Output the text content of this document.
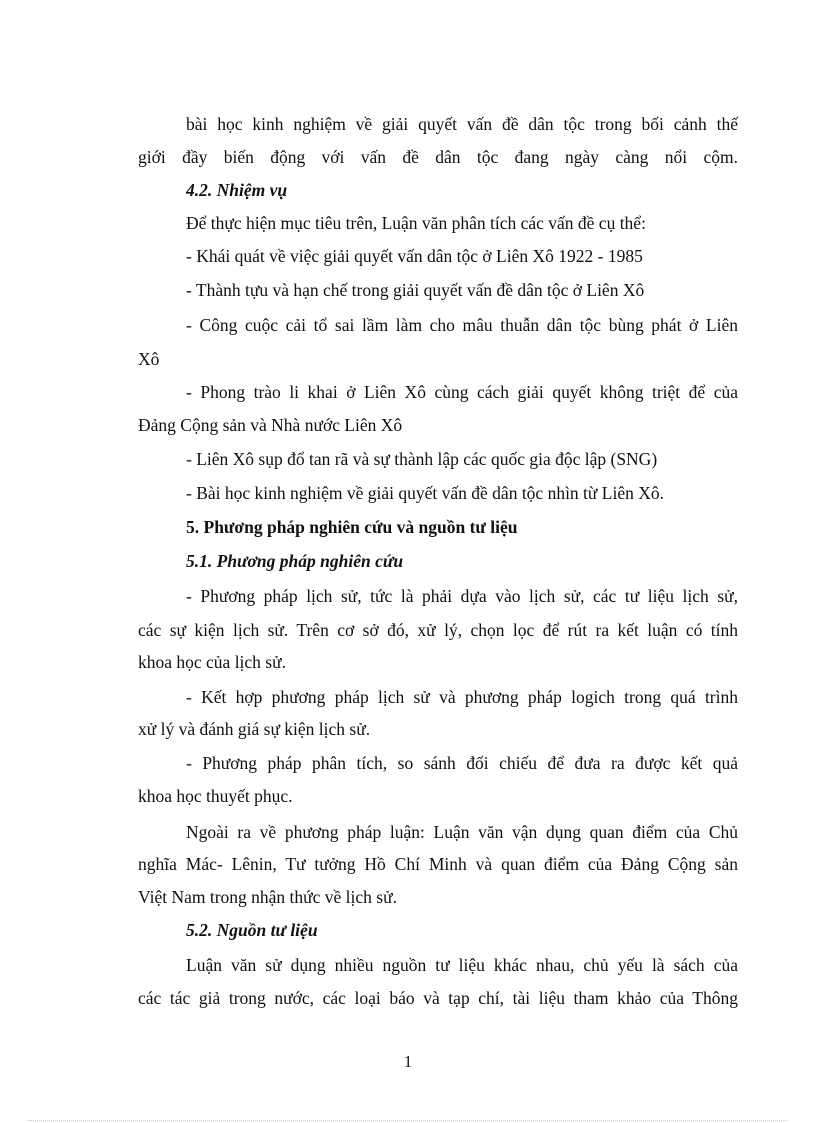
bài học kinh nghiệm về giải quyết vấn đề dân tộc trong bối cảnh thế

giới đầy biến động với vấn đề dân tộc đang ngày càng nổi cộm.

4.2. Nhiệm vụ

Để thực hiện mục tiêu trên, Luận văn phân tích các vấn đề cụ thể:

- Khái quát về việc giải quyết vấn dân tộc ở Liên Xô 1922 - 1985

- Thành tựu và hạn chế trong giải quyết vấn đề dân tộc ở Liên Xô

- Công cuộc cải tổ sai lầm làm cho mâu thuẫn dân tộc bùng phát ở Liên

Xô

- Phong trào li khai ở Liên Xô cùng cách giải quyết không triệt để của

Đảng Cộng sản và Nhà nước Liên Xô

- Liên Xô sụp đổ tan rã và sự thành lập các quốc gia độc lập (SNG)

- Bài học kinh nghiệm về giải quyết vấn đề dân tộc nhìn từ Liên Xô.

5. Phương pháp nghiên cứu và nguồn tư liệu

5.1. Phương pháp nghiên cứu

- Phương pháp lịch sử, tức là phải dựa vào lịch sử, các tư liệu lịch sử,

các sự kiện lịch sử. Trên cơ sở đó, xử lý, chọn lọc để rút ra kết luận có tính

khoa học của lịch sử.

- Kết hợp phương pháp lịch sử và phương pháp logich trong quá trình

xử lý và đánh giá sự kiện lịch sử.

- Phương pháp phân tích, so sánh đối chiếu để đưa ra được kết quả

khoa học thuyết phục.

Ngoài ra về phương pháp luận: Luận văn vận dụng quan điểm của Chủ

nghĩa Mác- Lênin, Tư tưởng Hồ Chí Minh và quan điểm của Đảng Cộng sản

Việt Nam trong nhận thức về lịch sử.

5.2. Nguồn tư liệu

Luận văn sử dụng nhiều nguồn tư liệu khác nhau, chủ yếu là sách của

các tác giả trong nước, các loại báo và tạp chí, tài liệu tham khảo của Thông

1
